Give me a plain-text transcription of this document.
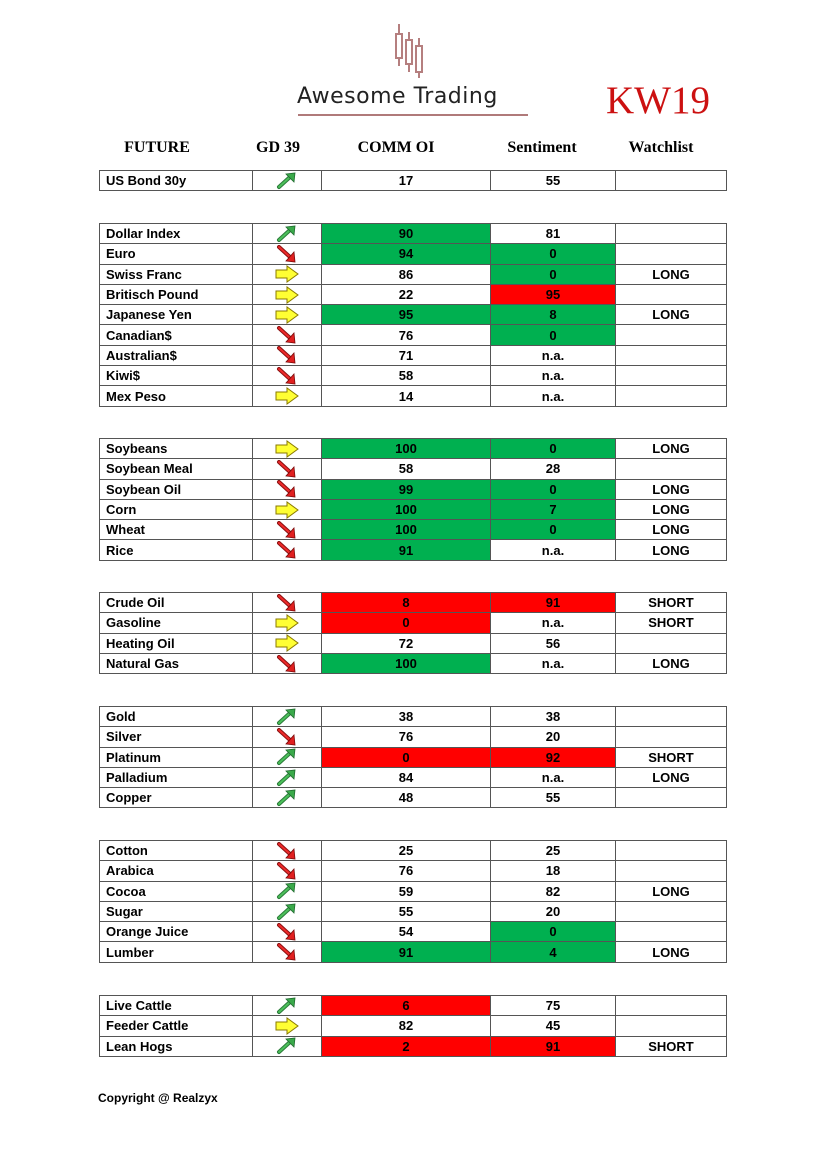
Awesome Trading	KW19
FUTURE	GD 39	COMM OI	Sentiment	Watchlist
US Bond 30y		17	55	
Dollar Index		90	81	
Euro		94	0	
Swiss Franc		86	0	LONG
Britisch Pound		22	95	
Japanese Yen		95	8	LONG
Canadian$		76	0	
Australian$		71	n.a.	
Kiwi$		58	n.a.	
Mex Peso		14	n.a.	
Soybeans		100	0	LONG
Soybean Meal		58	28	
Soybean Oil		99	0	LONG
Corn		100	7	LONG
Wheat		100	0	LONG
Rice		91	n.a.	LONG
Crude Oil		8	91	SHORT
Gasoline		0	n.a.	SHORT
Heating Oil		72	56	
Natural Gas		100	n.a.	LONG
Gold		38	38	
Silver		76	20	
Platinum		0	92	SHORT
Palladium		84	n.a.	LONG
Copper		48	55	
Cotton		25	25	
Arabica		76	18	
Cocoa		59	82	LONG
Sugar		55	20	
Orange Juice		54	0	
Lumber		91	4	LONG
Live Cattle		6	75	
Feeder Cattle		82	45	
Lean Hogs		2	91	SHORT
Copyright @ Realzyx
